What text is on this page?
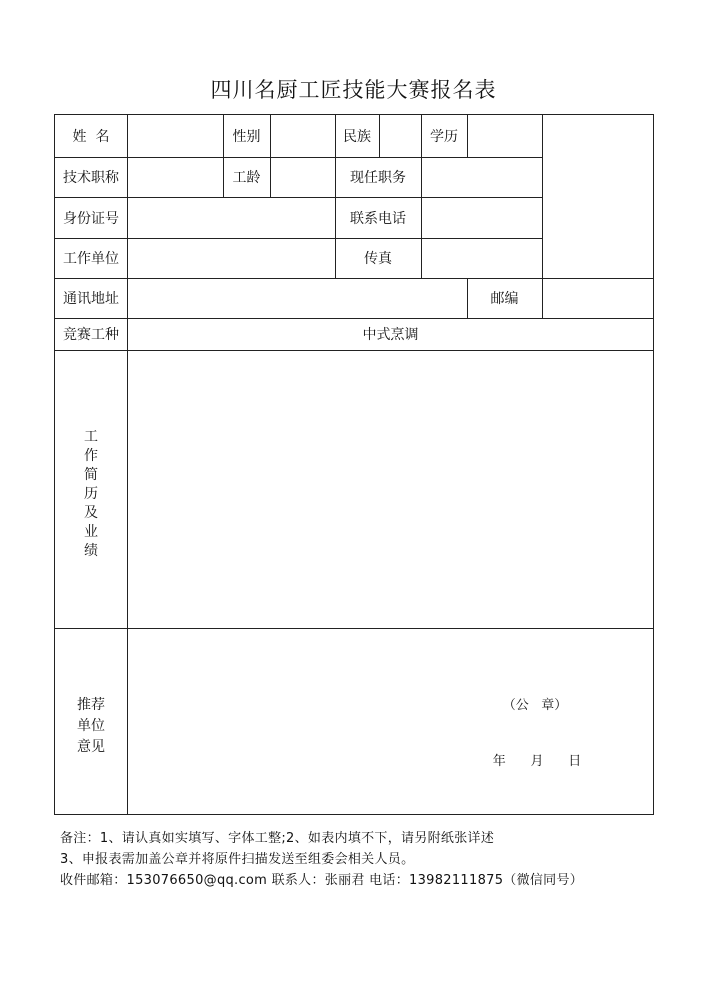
四川名厨工匠技能大赛报名表
姓  名	性别	民族	学历
技术职称	工龄	现任职务
身份证号	联系电话
工作单位	传真
通讯地址	邮编
竞赛工种	中式烹调
工
作
简
历
及
业
绩
推荐
单位
意见
（公   章）
年      月      日
备注：1、请认真如实填写、字体工整;2、如表内填不下，请另附纸张详述
3、申报表需加盖公章并将原件扫描发送至组委会相关人员。
收件邮箱：153076650@qq.com 联系人：张丽君 电话：13982111875（微信同号）
